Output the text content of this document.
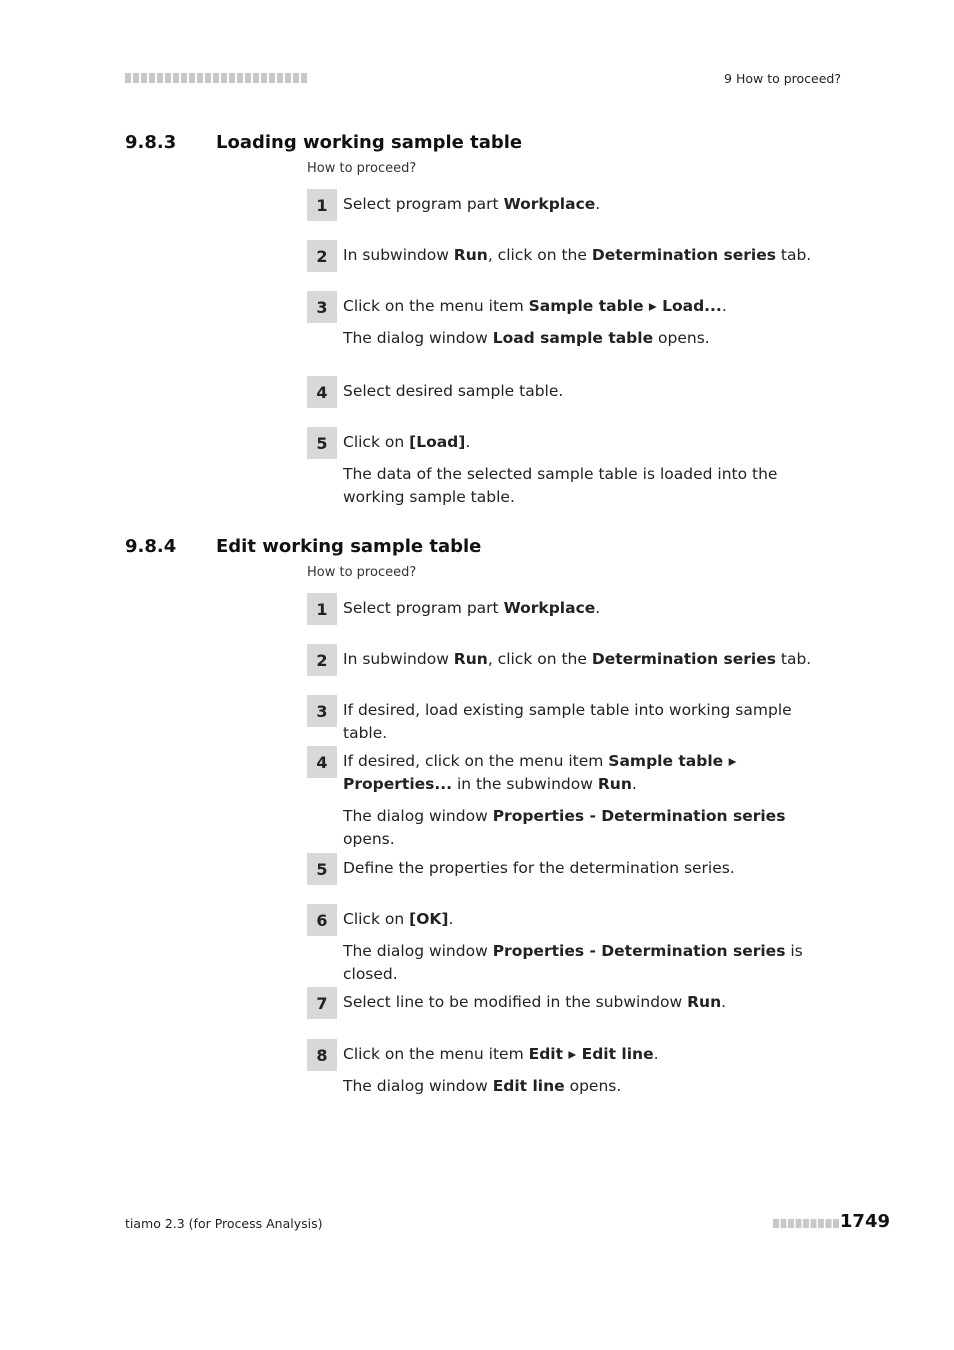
9 How to proceed?
9.8.3 Loading working sample table
How to proceed?
1 Select program part Workplace.
2 In subwindow Run, click on the Determination series tab.
3 Click on the menu item Sample table ▸ Load....
The dialog window Load sample table opens.
4 Select desired sample table.
5 Click on [Load].
The data of the selected sample table is loaded into the working sample table.
9.8.4 Edit working sample table
How to proceed?
1 Select program part Workplace.
2 In subwindow Run, click on the Determination series tab.
3 If desired, load existing sample table into working sample table.
4 If desired, click on the menu item Sample table ▸ Properties... in the subwindow Run.
The dialog window Properties - Determination series opens.
5 Define the properties for the determination series.
6 Click on [OK].
The dialog window Properties - Determination series is closed.
7 Select line to be modified in the subwindow Run.
8 Click on the menu item Edit ▸ Edit line.
The dialog window Edit line opens.
tiamo 2.3 (for Process Analysis)	1749
